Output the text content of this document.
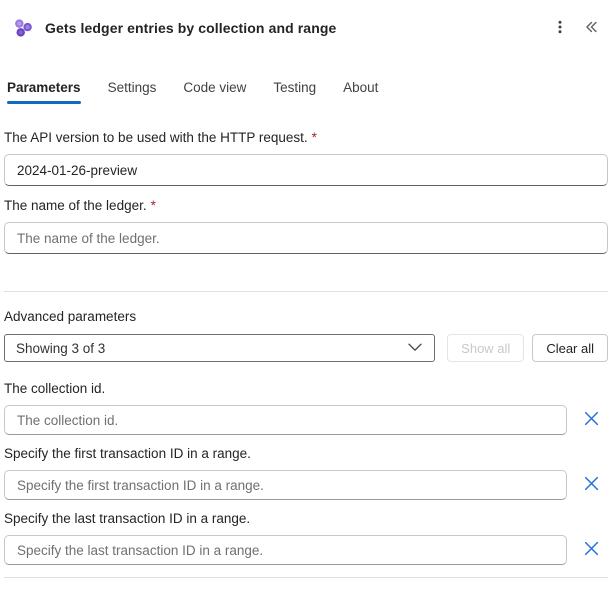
Gets ledger entries by collection and range
Parameters Settings Code view Testing About
The API version to be used with the HTTP request. *
2024-01-26-preview
The name of the ledger. *
The name of the ledger.
Advanced parameters
Showing 3 of 3	Show all	Clear all
The collection id.
The collection id.
Specify the first transaction ID in a range.
Specify the first transaction ID in a range.
Specify the last transaction ID in a range.
Specify the last transaction ID in a range.
